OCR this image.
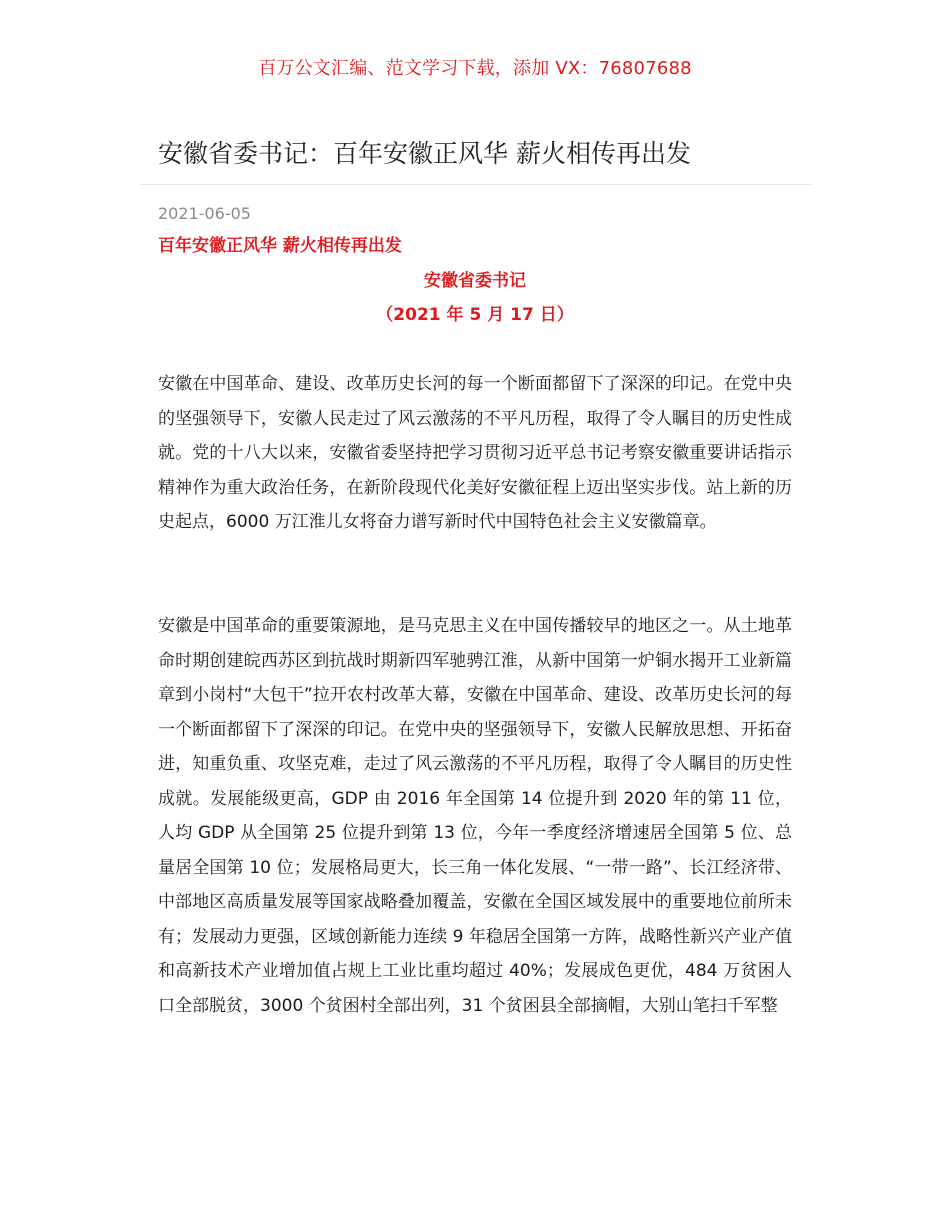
百万公文汇编、范文学习下载，添加 VX：76807688
安徽省委书记：百年安徽正风华 薪火相传再出发
2021-06-05
百年安徽正风华 薪火相传再出发
安徽省委书记
（2021 年 5 月 17 日）

安徽在中国革命、建设、改革历史长河的每一个断面都留下了深深的印记。在党中央的坚强领导下，安徽人民走过了风云激荡的不平凡历程，取得了令人瞩目的历史性成就。党的十八大以来，安徽省委坚持把学习贯彻习近平总书记考察安徽重要讲话指示精神作为重大政治任务，在新阶段现代化美好安徽征程上迈出坚实步伐。站上新的历史起点，6000 万江淮儿女将奋力谱写新时代中国特色社会主义安徽篇章。

安徽是中国革命的重要策源地，是马克思主义在中国传播较早的地区之一。从土地革命时期创建皖西苏区到抗战时期新四军驰骋江淮，从新中国第一炉铜水揭开工业新篇章到小岗村“大包干”拉开农村改革大幕，安徽在中国革命、建设、改革历史长河的每一个断面都留下了深深的印记。在党中央的坚强领导下，安徽人民解放思想、开拓奋进，知重负重、攻坚克难，走过了风云激荡的不平凡历程，取得了令人瞩目的历史性成就。发展能级更高，GDP 由 2016 年全国第 14 位提升到 2020 年的第 11 位，人均 GDP 从全国第 25 位提升到第 13 位，今年一季度经济增速居全国第 5 位、总量居全国第 10 位；发展格局更大，长三角一体化发展、“一带一路”、长江经济带、中部地区高质量发展等国家战略叠加覆盖，安徽在全国区域发展中的重要地位前所未有；发展动力更强，区域创新能力连续 9 年稳居全国第一方阵，战略性新兴产业产值和高新技术产业增加值占规上工业比重均超过 40%；发展成色更优，484 万贫困人口全部脱贫，3000 个贫困村全部出列，31 个贫困县全部摘帽，大别山笔扫千军整
